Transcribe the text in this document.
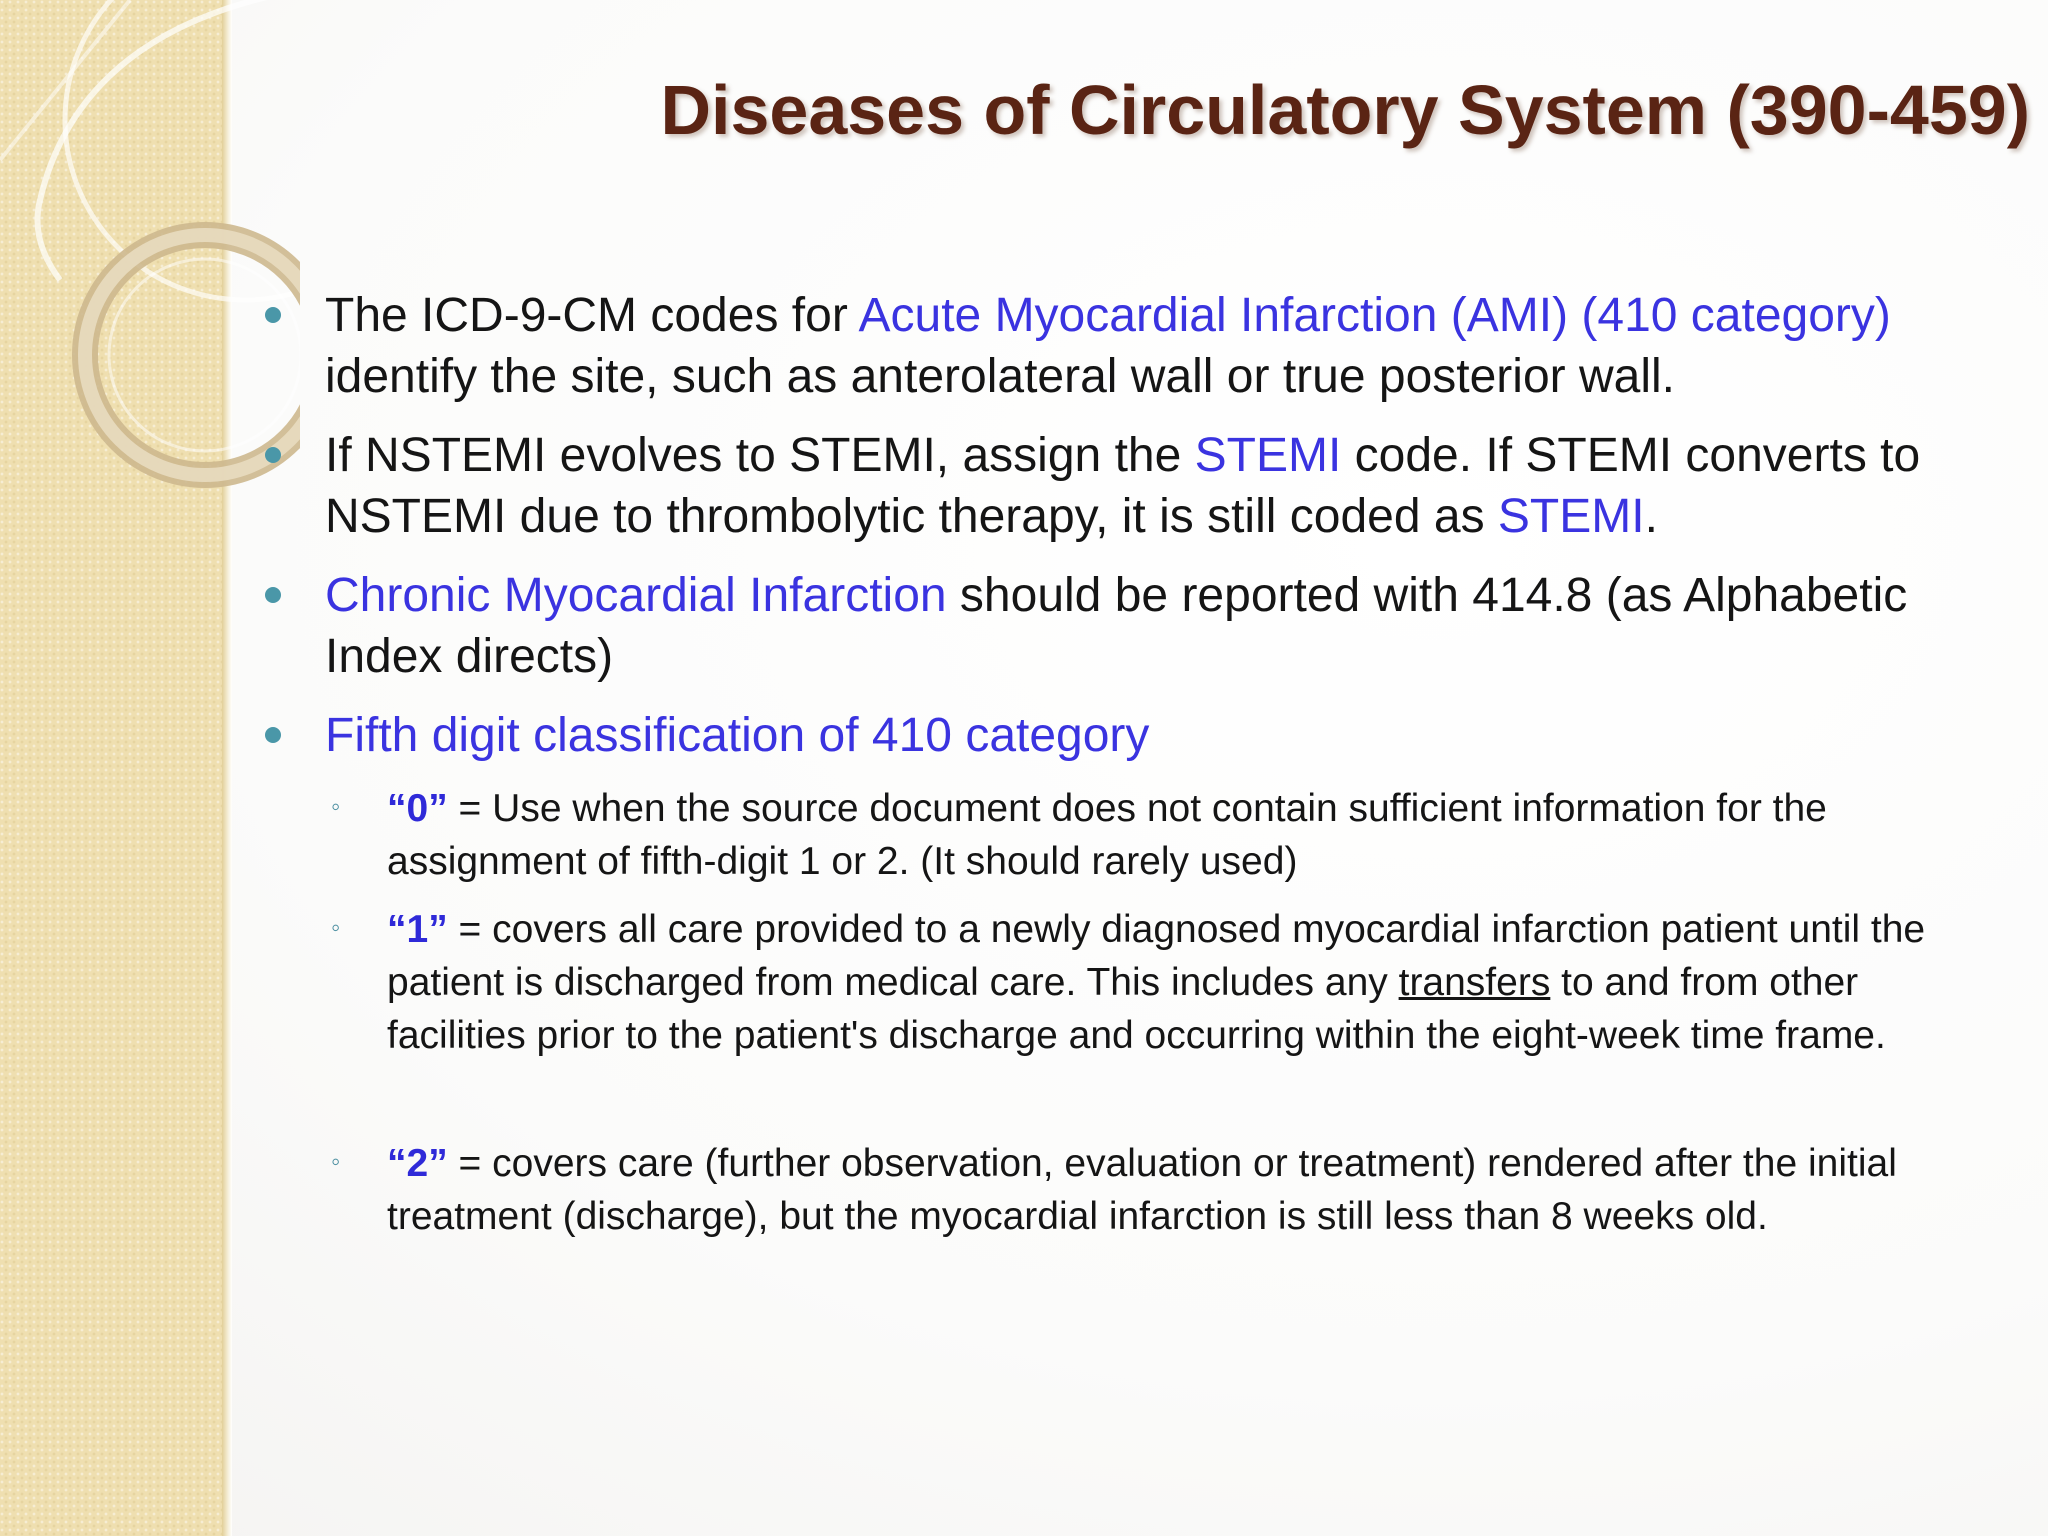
Diseases of Circulatory System (390-459)
The ICD-9-CM codes for Acute Myocardial Infarction (AMI) (410 category) identify the site, such as anterolateral wall or true posterior wall.
If NSTEMI evolves to STEMI, assign the STEMI code. If STEMI converts to NSTEMI due to thrombolytic therapy, it is still coded as STEMI.
Chronic Myocardial Infarction should be reported with 414.8 (as Alphabetic Index directs)
Fifth digit classification of 410 category
◦ “0” = Use when the source document does not contain sufficient information for the assignment of fifth-digit 1 or 2. (It should rarely used)
◦ “1” = covers all care provided to a newly diagnosed myocardial infarction patient until the patient is discharged from medical care. This includes any transfers to and from other facilities prior to the patient's discharge and occurring within the eight-week time frame.
◦ “2” = covers care (further observation, evaluation or treatment) rendered after the initial treatment (discharge), but the myocardial infarction is still less than 8 weeks old.
